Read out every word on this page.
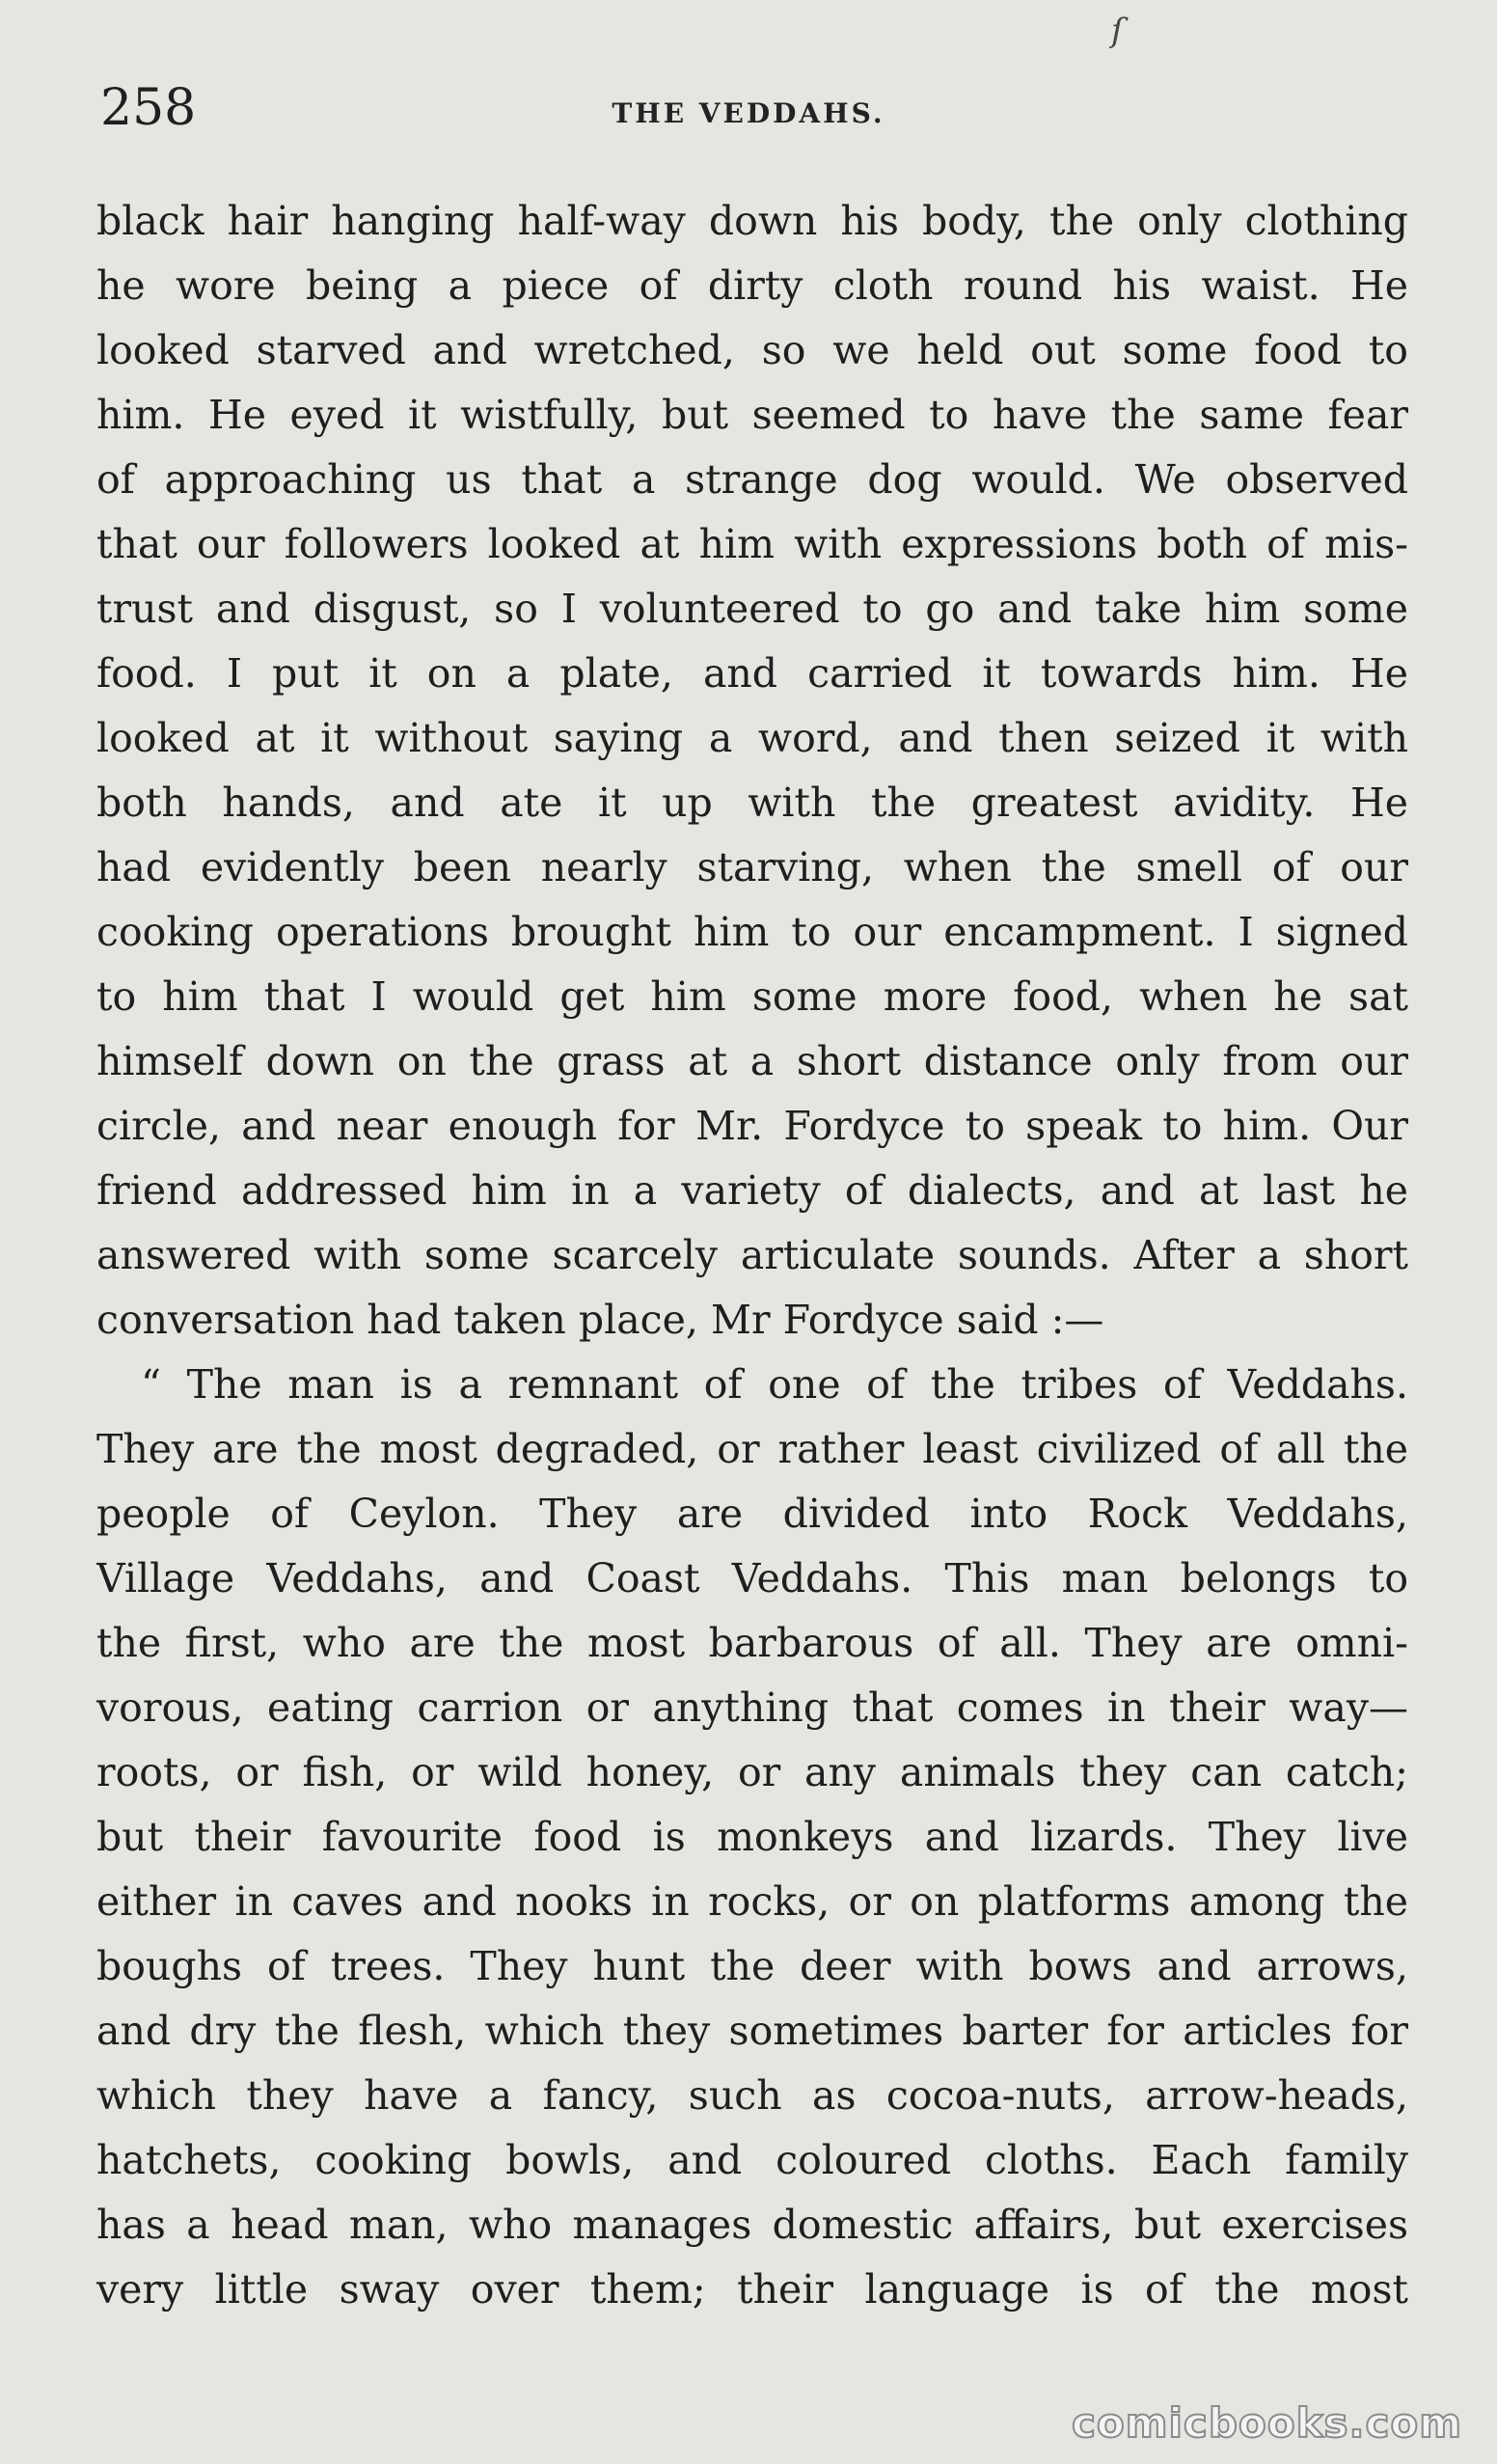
ſ
258	THE VEDDAHS.
black hair hanging half-way down his body, the only clothing
he wore being a piece of dirty cloth round his waist. He
looked starved and wretched, so we held out some food to
him. He eyed it wistfully, but seemed to have the same fear
of approaching us that a strange dog would. We observed
that our followers looked at him with expressions both of mis-
trust and disgust, so I volunteered to go and take him some
food. I put it on a plate, and carried it towards him. He
looked at it without saying a word, and then seized it with
both hands, and ate it up with the greatest avidity. He
had evidently been nearly starving, when the smell of our
cooking operations brought him to our encampment. I signed
to him that I would get him some more food, when he sat
himself down on the grass at a short distance only from our
circle, and near enough for Mr. Fordyce to speak to him. Our
friend addressed him in a variety of dialects, and at last he
answered with some scarcely articulate sounds. After a short
conversation had taken place, Mr Fordyce said :—
“ The man is a remnant of one of the tribes of Veddahs.
They are the most degraded, or rather least civilized of all the
people of Ceylon. They are divided into Rock Veddahs,
Village Veddahs, and Coast Veddahs. This man belongs to
the first, who are the most barbarous of all. They are omni-
vorous, eating carrion or anything that comes in their way—
roots, or fish, or wild honey, or any animals they can catch;
but their favourite food is monkeys and lizards. They live
either in caves and nooks in rocks, or on platforms among the
boughs of trees. They hunt the deer with bows and arrows,
and dry the flesh, which they sometimes barter for articles for
which they have a fancy, such as cocoa-nuts, arrow-heads,
hatchets, cooking bowls, and coloured cloths. Each family
has a head man, who manages domestic affairs, but exercises
very little sway over them; their language is of the most
comicbooks.com
